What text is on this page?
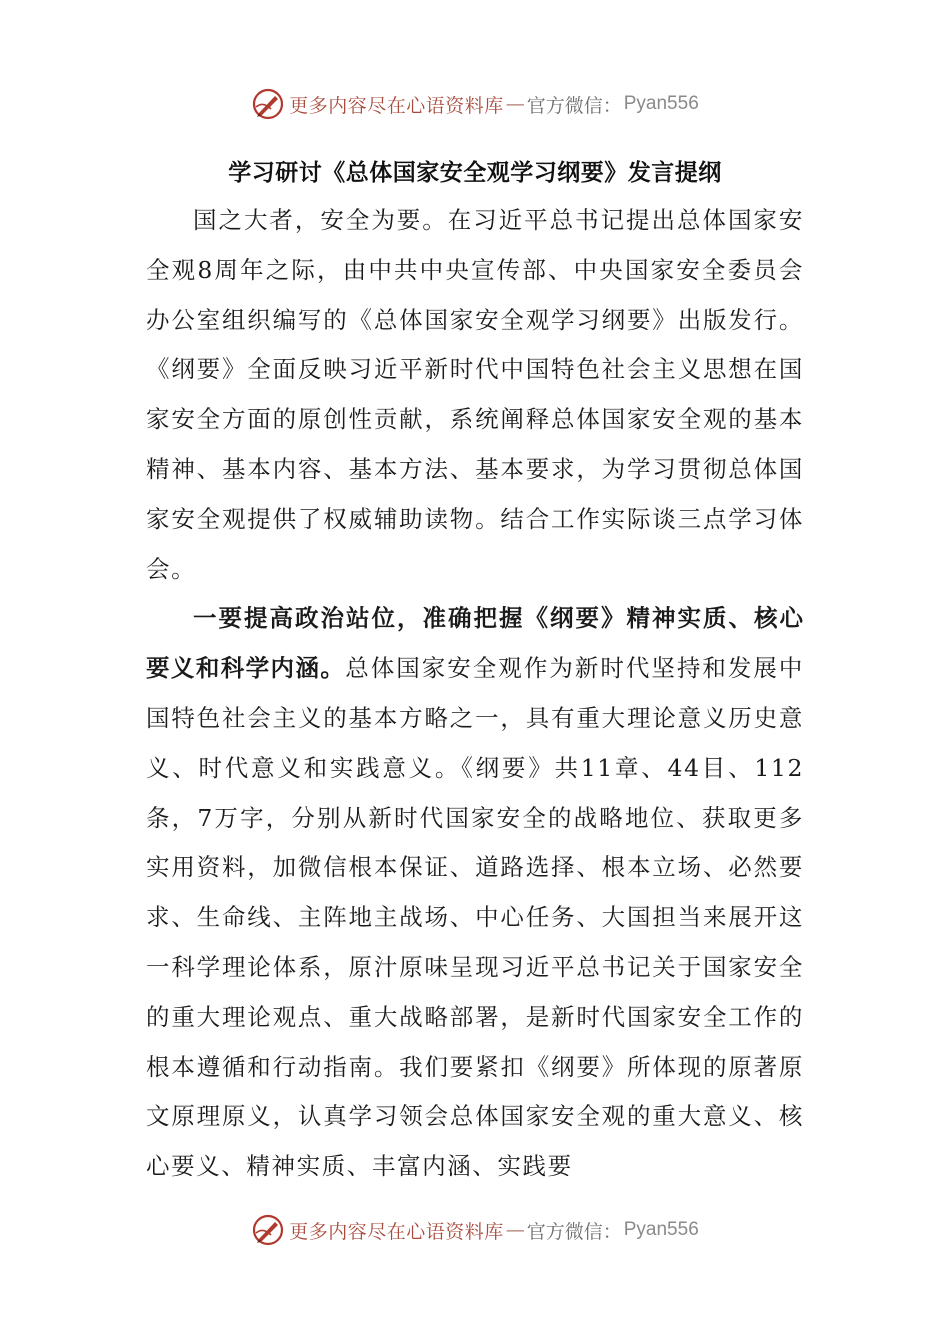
更多内容尽在心语资料库 — 官方微信： Pyan556
学习研讨《总体国家安全观学习纲要》发言提纲

国之大者，安全为要。在习近平总书记提出总体国家安全观8周年之际，由中共中央宣传部、中央国家安全委员会办公室组织编写的《总体国家安全观学习纲要》出版发行。《纲要》全面反映习近平新时代中国特色社会主义思想在国家安全方面的原创性贡献，系统阐释总体国家安全观的基本精神、基本内容、基本方法、基本要求，为学习贯彻总体国家安全观提供了权威辅助读物。结合工作实际谈三点学习体会。

一要提高政治站位，准确把握《纲要》精神实质、核心要义和科学内涵。总体国家安全观作为新时代坚持和发展中国特色社会主义的基本方略之一，具有重大理论意义历史意义、时代意义和实践意义。《纲要》共11章、44目、112条，7万字，分别从新时代国家安全的战略地位、获取更多实用资料，加微信根本保证、道路选择、根本立场、必然要求、生命线、主阵地主战场、中心任务、大国担当来展开这一科学理论体系，原汁原味呈现习近平总书记关于国家安全的重大理论观点、重大战略部署，是新时代国家安全工作的根本遵循和行动指南。我们要紧扣《纲要》所体现的原著原文原理原义，认真学习领会总体国家安全观的重大意义、核心要义、精神实质、丰富内涵、实践要

更多内容尽在心语资料库 — 官方微信： Pyan556
